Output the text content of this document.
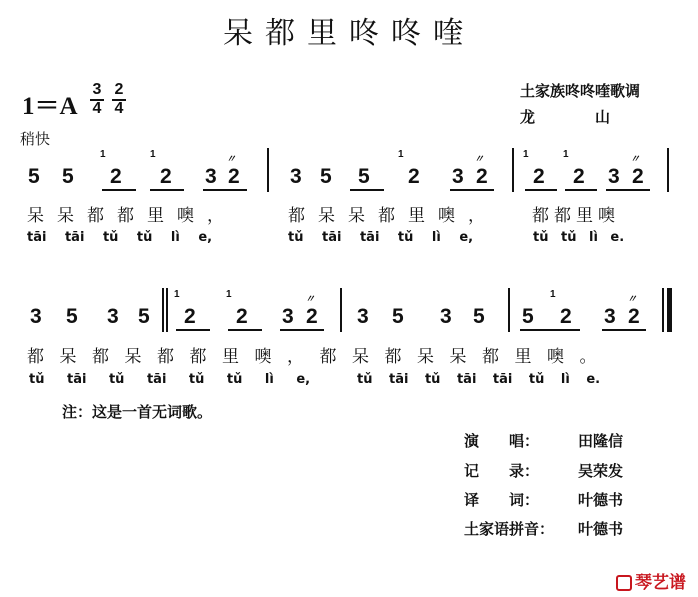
呆都里咚咚喹
1＝A
3
4
2
4
土家族咚咚喹歌调
龙　　　　山
稍快
5 5
1
2
1
2 3
〃
2 3 5 5
1
2 3
〃
2
1
2
1
2 3
〃
2
呆呆都都里噢，	都呆呆都里噢， 都都里噢
tāi tāi tǔ tǔ lì e,	tǔ tāi tāi tǔ lì e,	tǔ tǔ lì e.
3 5 3 5
1
2
1
2 3
〃
2 3 5 3 5 5
1
2 3
〃
2
都呆都呆都都里噢，都呆都呆呆都里噢。
tǔ tāi tǔ tāi tǔ tǔ lì e,	tǔ tāi tǔ tāi tāi tǔ lì e.
注：这是一首无词歌。
演　　唱：	田隆信
记　　录：	吴荣发
译　　词：	叶德书
土家语拼音： 叶德书
琴艺谱
